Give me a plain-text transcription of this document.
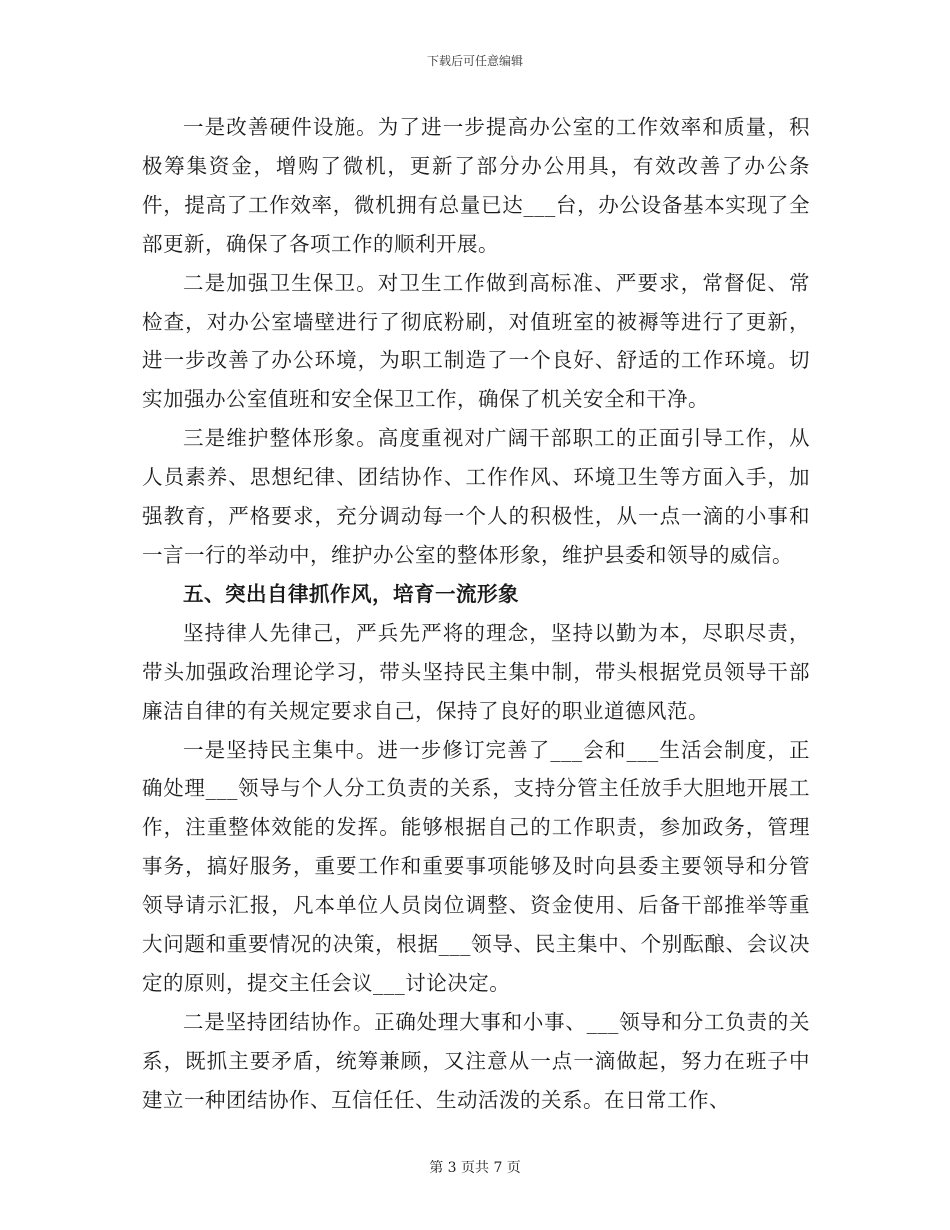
下载后可任意编辑

一是改善硬件设施。为了进一步提高办公室的工作效率和质量，积极筹集资金，增购了微机，更新了部分办公用具，有效改善了办公条件，提高了工作效率，微机拥有总量已达___台，办公设备基本实现了全部更新，确保了各项工作的顺利开展。

二是加强卫生保卫。对卫生工作做到高标准、严要求，常督促、常检查，对办公室墙壁进行了彻底粉刷，对值班室的被褥等进行了更新，进一步改善了办公环境，为职工制造了一个良好、舒适的工作环境。切实加强办公室值班和安全保卫工作，确保了机关安全和干净。

三是维护整体形象。高度重视对广阔干部职工的正面引导工作，从人员素养、思想纪律、团结协作、工作作风、环境卫生等方面入手，加强教育，严格要求，充分调动每一个人的积极性，从一点一滴的小事和一言一行的举动中，维护办公室的整体形象，维护县委和领导的威信。

五、突出自律抓作风，培育一流形象

坚持律人先律己，严兵先严将的理念，坚持以勤为本，尽职尽责，带头加强政治理论学习，带头坚持民主集中制，带头根据党员领导干部廉洁自律的有关规定要求自己，保持了良好的职业道德风范。

一是坚持民主集中。进一步修订完善了___会和___生活会制度，正确处理___领导与个人分工负责的关系，支持分管主任放手大胆地开展工作，注重整体效能的发挥。能够根据自己的工作职责，参加政务，管理事务，搞好服务，重要工作和重要事项能够及时向县委主要领导和分管领导请示汇报，凡本单位人员岗位调整、资金使用、后备干部推举等重大问题和重要情况的决策，根据___领导、民主集中、个别酝酿、会议决定的原则，提交主任会议___讨论决定。

二是坚持团结协作。正确处理大事和小事、___领导和分工负责的关系，既抓主要矛盾，统筹兼顾，又注意从一点一滴做起，努力在班子中建立一种团结协作、互信任任、生动活泼的关系。在日常工作、

第 3 页共 7 页
